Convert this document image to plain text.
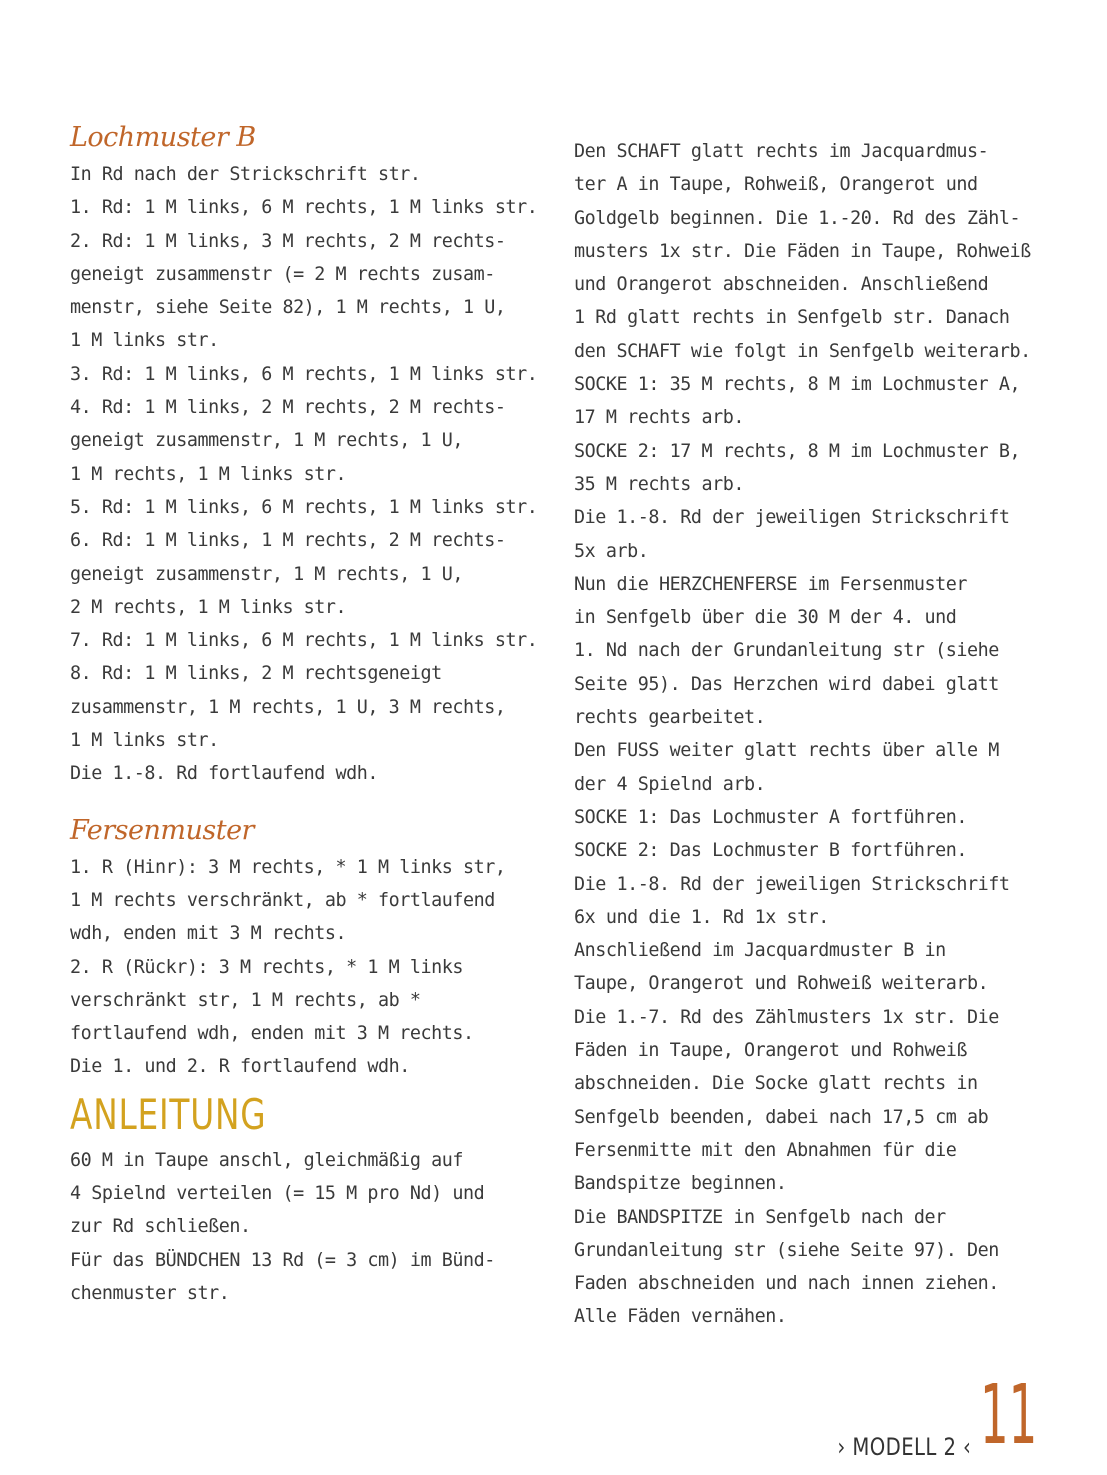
Lochmuster B
In Rd nach der Strickschrift str.
1. Rd: 1 M links, 6 M rechts, 1 M links str.
2. Rd: 1 M links, 3 M rechts, 2 M rechts-
geneigt zusammenstr (= 2 M rechts zusam-
menstr, siehe Seite 82), 1 M rechts, 1 U,
1 M links str.
3. Rd: 1 M links, 6 M rechts, 1 M links str.
4. Rd: 1 M links, 2 M rechts, 2 M rechts-
geneigt zusammenstr, 1 M rechts, 1 U,
1 M rechts, 1 M links str.
5. Rd: 1 M links, 6 M rechts, 1 M links str.
6. Rd: 1 M links, 1 M rechts, 2 M rechts-
geneigt zusammenstr, 1 M rechts, 1 U,
2 M rechts, 1 M links str.
7. Rd: 1 M links, 6 M rechts, 1 M links str.
8. Rd: 1 M links, 2 M rechtsgeneigt
zusammenstr, 1 M rechts, 1 U, 3 M rechts,
1 M links str.
Die 1.-8. Rd fortlaufend wdh.
Fersenmuster
1. R (Hinr): 3 M rechts, * 1 M links str,
1 M rechts verschränkt, ab * fortlaufend
wdh, enden mit 3 M rechts.
2. R (Rückr): 3 M rechts, * 1 M links
verschränkt str, 1 M rechts, ab *
fortlaufend wdh, enden mit 3 M rechts.
Die 1. und 2. R fortlaufend wdh.
ANLEITUNG
60 M in Taupe anschl, gleichmäßig auf
4 Spielnd verteilen (= 15 M pro Nd) und
zur Rd schließen.
Für das BÜNDCHEN 13 Rd (= 3 cm) im Bünd-
chenmuster str.
Den SCHAFT glatt rechts im Jacquardmus-
ter A in Taupe, Rohweiß, Orangerot und
Goldgelb beginnen. Die 1.-20. Rd des Zähl-
musters 1x str. Die Fäden in Taupe, Rohweiß
und Orangerot abschneiden. Anschließend
1 Rd glatt rechts in Senfgelb str. Danach
den SCHAFT wie folgt in Senfgelb weiterarb.
SOCKE 1: 35 M rechts, 8 M im Lochmuster A,
17 M rechts arb.
SOCKE 2: 17 M rechts, 8 M im Lochmuster B,
35 M rechts arb.
Die 1.-8. Rd der jeweiligen Strickschrift
5x arb.
Nun die HERZCHENFERSE im Fersenmuster
in Senfgelb über die 30 M der 4. und
1. Nd nach der Grundanleitung str (siehe
Seite 95). Das Herzchen wird dabei glatt
rechts gearbeitet.
Den FUSS weiter glatt rechts über alle M
der 4 Spielnd arb.
SOCKE 1: Das Lochmuster A fortführen.
SOCKE 2: Das Lochmuster B fortführen.
Die 1.-8. Rd der jeweiligen Strickschrift
6x und die 1. Rd 1x str.
Anschließend im Jacquardmuster B in
Taupe, Orangerot und Rohweiß weiterarb.
Die 1.-7. Rd des Zählmusters 1x str. Die
Fäden in Taupe, Orangerot und Rohweiß
abschneiden. Die Socke glatt rechts in
Senfgelb beenden, dabei nach 17,5 cm ab
Fersenmitte mit den Abnahmen für die
Bandspitze beginnen.
Die BANDSPITZE in Senfgelb nach der
Grundanleitung str (siehe Seite 97). Den
Faden abschneiden und nach innen ziehen.
Alle Fäden vernähen.
› MODELL 2 ‹ 11
